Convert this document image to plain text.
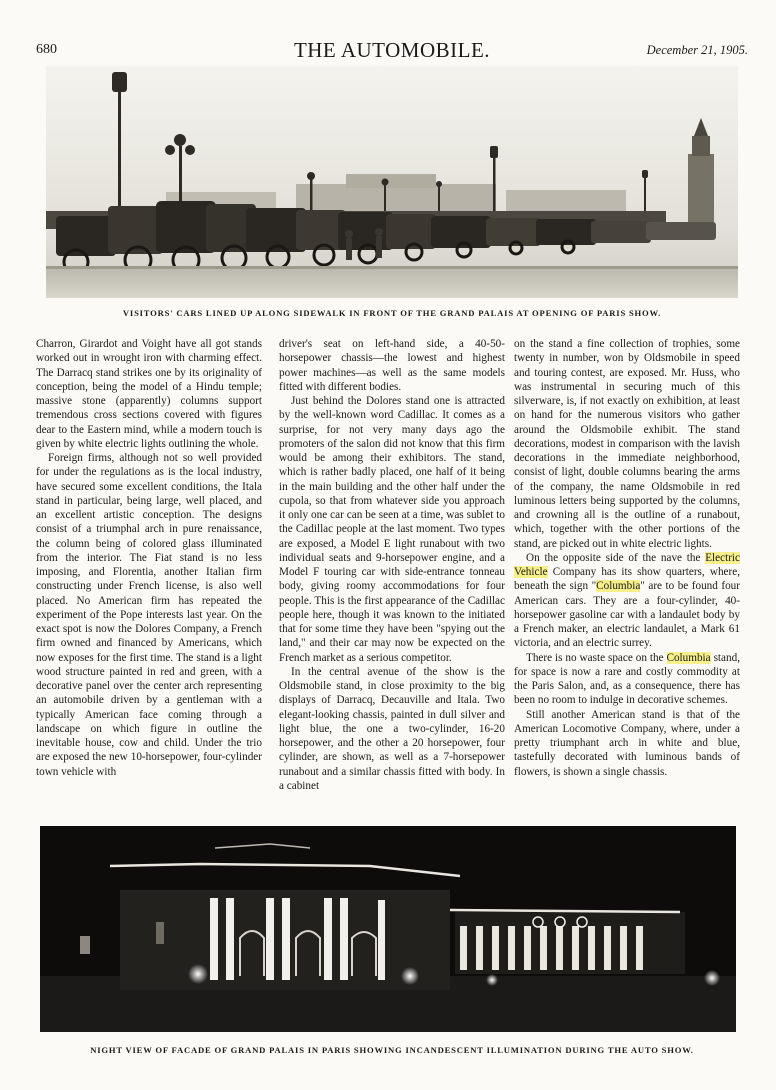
680	THE AUTOMOBILE.	December 21, 1905.
VISITORS' CARS LINED UP ALONG SIDEWALK IN FRONT OF THE GRAND PALAIS AT OPENING OF PARIS SHOW.

Charron, Girardot and Voight have all got stands worked out in wrought iron with charming effect. The Darracq stand strikes one by its originality of conception, being the model of a Hindu temple; massive stone (apparently) columns support tremendous cross sections covered with figures dear to the Eastern mind, while a modern touch is given by white electric lights outlining the whole.

Foreign firms, although not so well provided for under the regulations as is the local industry, have secured some excellent conditions, the Itala stand in particular, being large, well placed, and an excellent artistic conception. The designs consist of a triumphal arch in pure renaissance, the column being of colored glass illuminated from the interior. The Fiat stand is no less imposing, and Florentia, another Italian firm constructing under French license, is also well placed. No American firm has repeated the experiment of the Pope interests last year. On the exact spot is now the Dolores Company, a French firm owned and financed by Americans, which now exposes for the first time. The stand is a light wood structure painted in red and green, with a decorative panel over the center arch representing an automobile driven by a gentleman with a typically American face coming through a landscape on which figure in outline the inevitable house, cow and child. Under the trio are exposed the new 10-horsepower, four-cylinder town vehicle with

driver's seat on left-hand side, a 40-50-horsepower chassis—the lowest and highest power machines—as well as the same models fitted with different bodies.

Just behind the Dolores stand one is attracted by the well-known word Cadillac. It comes as a surprise, for not very many days ago the promoters of the salon did not know that this firm would be among their exhibitors. The stand, which is rather badly placed, one half of it being in the main building and the other half under the cupola, so that from whatever side you approach it only one car can be seen at a time, was sublet to the Cadillac people at the last moment. Two types are exposed, a Model E light runabout with two individual seats and 9-horsepower engine, and a Model F touring car with side-entrance tonneau body, giving roomy accommodations for four people. This is the first appearance of the Cadillac people here, though it was known to the initiated that for some time they have been "spying out the land," and their car may now be expected on the French market as a serious competitor.

In the central avenue of the show is the Oldsmobile stand, in close proximity to the big displays of Darracq, Decauville and Itala. Two elegant-looking chassis, painted in dull silver and light blue, the one a two-cylinder, 16-20 horsepower, and the other a 20 horsepower, four cylinder, are shown, as well as a 7-horsepower runabout and a similar chassis fitted with body. In a cabinet

on the stand a fine collection of trophies, some twenty in number, won by Oldsmobile in speed and touring contest, are exposed. Mr. Huss, who was instrumental in securing much of this silverware, is, if not exactly on exhibition, at least on hand for the numerous visitors who gather around the Oldsmobile exhibit. The stand decorations, modest in comparison with the lavish decorations in the immediate neighborhood, consist of light, double columns bearing the arms of the company, the name Oldsmobile in red luminous letters being supported by the columns, and crowning all is the outline of a runabout, which, together with the other portions of the stand, are picked out in white electric lights.

On the opposite side of the nave the Electric Vehicle Company has its show quarters, where, beneath the sign "Columbia" are to be found four American cars. They are a four-cylinder, 40-horsepower gasoline car with a landaulet body by a French maker, an electric landaulet, a Mark 61 victoria, and an electric surrey.

There is no waste space on the Columbia stand, for space is now a rare and costly commodity at the Paris Salon, and, as a consequence, there has been no room to indulge in decorative schemes.

Still another American stand is that of the American Locomotive Company, where, under a pretty triumphant arch in white and blue, tastefully decorated with luminous bands of flowers, is shown a single chassis.

NIGHT VIEW OF FACADE OF GRAND PALAIS IN PARIS SHOWING INCANDESCENT ILLUMINATION DURING THE AUTO SHOW.
